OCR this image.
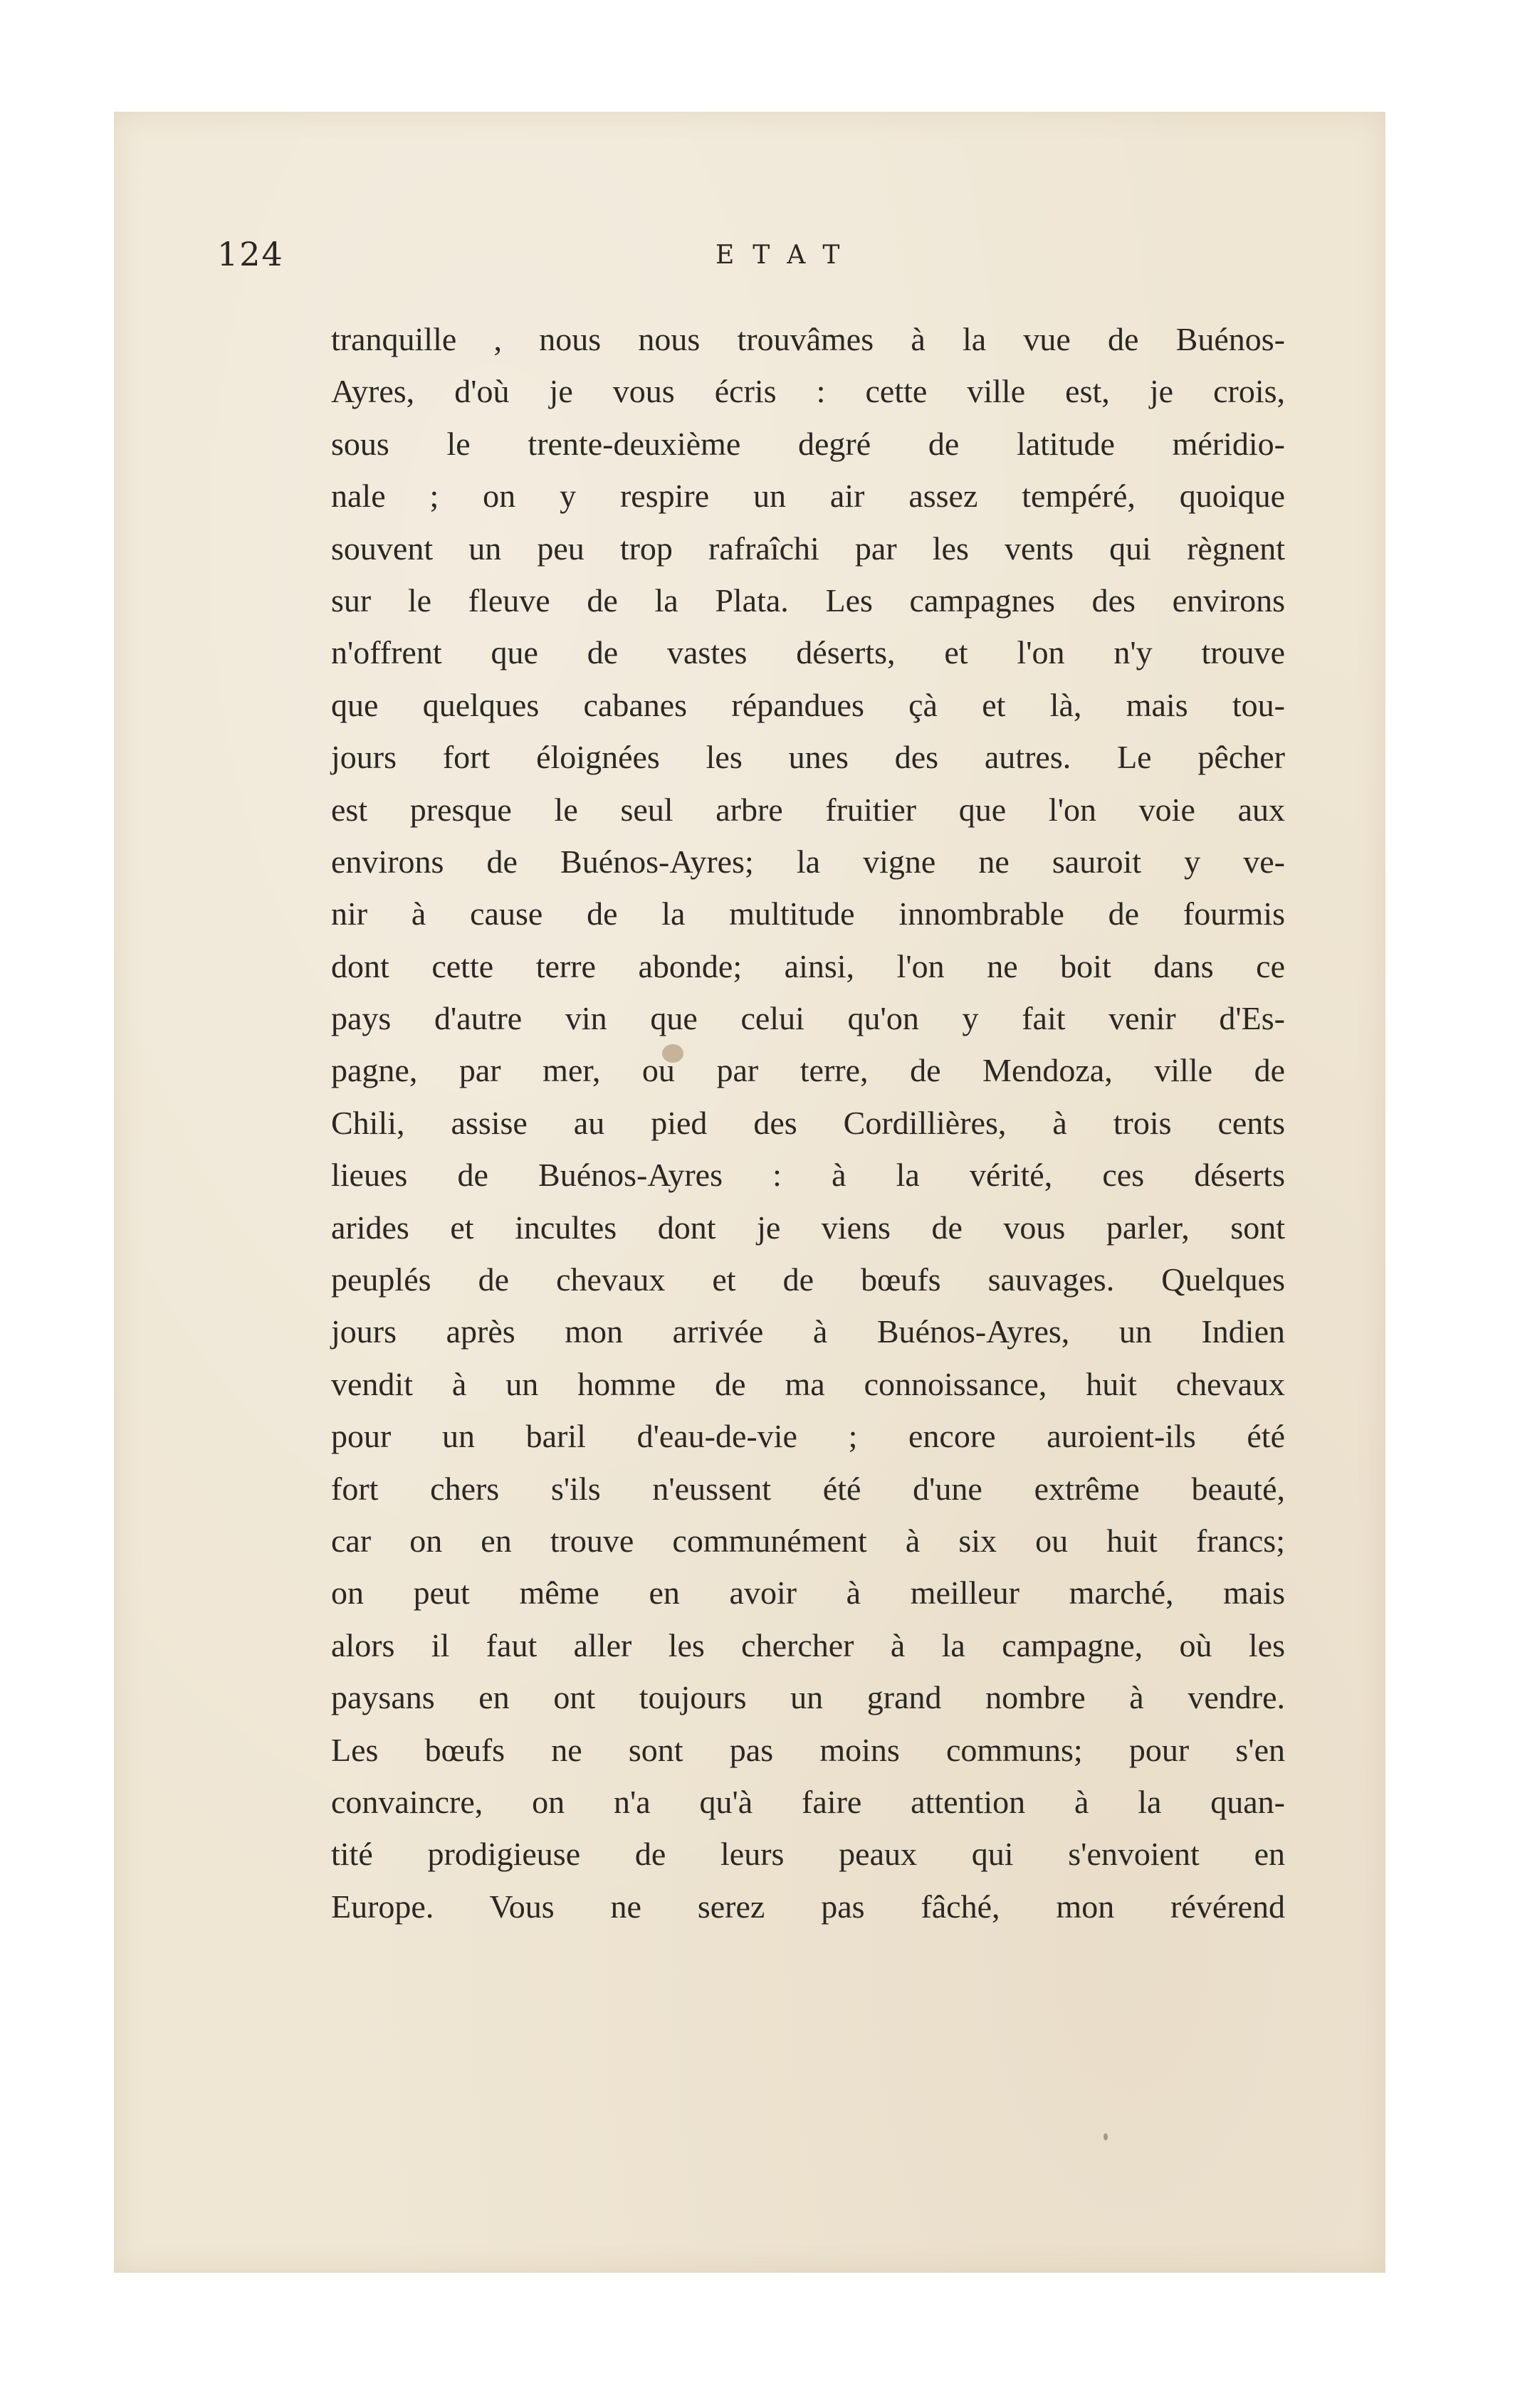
124	ETAT
tranquille , nous nous trouvâmes à la vue de Buénos-
Ayres, d'où je vous écris : cette ville est, je crois,
sous le trente-deuxième degré de latitude méridio-
nale ; on y respire un air assez tempéré, quoique
souvent un peu trop rafraîchi par les vents qui règnent
sur le fleuve de la Plata. Les campagnes des environs
n'offrent que de vastes déserts, et l'on n'y trouve
que quelques cabanes répandues çà et là, mais tou-
jours fort éloignées les unes des autres. Le pêcher
est presque le seul arbre fruitier que l'on voie aux
environs de Buénos-Ayres; la vigne ne sauroit y ve-
nir à cause de la multitude innombrable de fourmis
dont cette terre abonde; ainsi, l'on ne boit dans ce
pays d'autre vin que celui qu'on y fait venir d'Es-
pagne, par mer, ou par terre, de Mendoza, ville de
Chili, assise au pied des Cordillières, à trois cents
lieues de Buénos-Ayres : à la vérité, ces déserts
arides et incultes dont je viens de vous parler, sont
peuplés de chevaux et de bœufs sauvages. Quelques
jours après mon arrivée à Buénos-Ayres, un Indien
vendit à un homme de ma connoissance, huit chevaux
pour un baril d'eau-de-vie ; encore auroient-ils été
fort chers s'ils n'eussent été d'une extrême beauté,
car on en trouve communément à six ou huit francs;
on peut même en avoir à meilleur marché, mais
alors il faut aller les chercher à la campagne, où les
paysans en ont toujours un grand nombre à vendre.
Les bœufs ne sont pas moins communs; pour s'en
convaincre, on n'a qu'à faire attention à la quan-
tité prodigieuse de leurs peaux qui s'envoient en
Europe. Vous ne serez pas fâché, mon révérend
